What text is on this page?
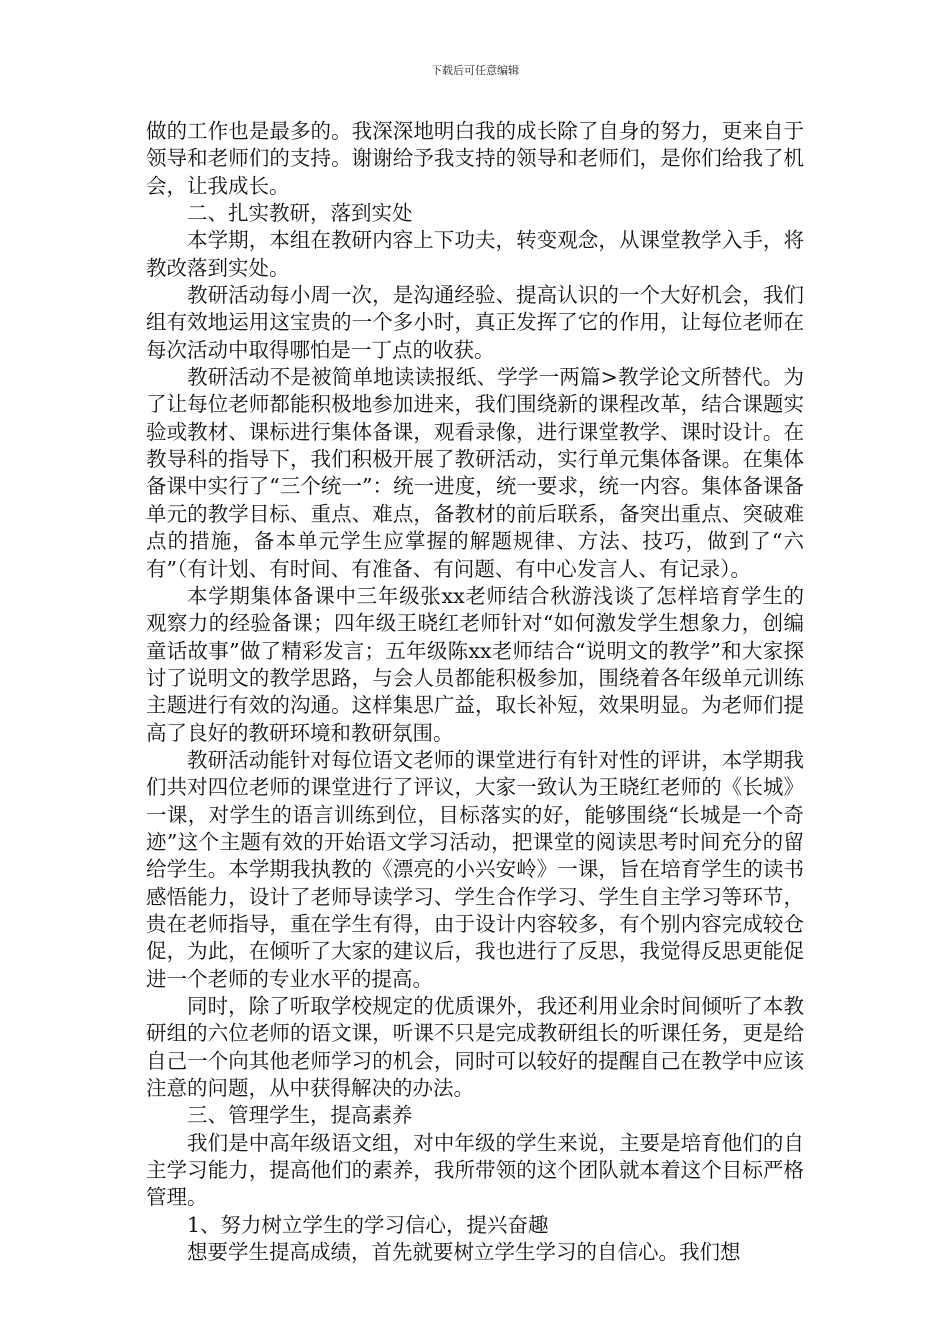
下载后可任意编辑

做的工作也是最多的。我深深地明白我的成长除了自身的努力，更来自于领导和老师们的支持。谢谢给予我支持的领导和老师们，是你们给我了机会，让我成长。

二、扎实教研，落到实处

本学期，本组在教研内容上下功夫，转变观念，从课堂教学入手，将教改落到实处。

教研活动每小周一次，是沟通经验、提高认识的一个大好机会，我们组有效地运用这宝贵的一个多小时，真正发挥了它的作用，让每位老师在每次活动中取得哪怕是一丁点的收获。

教研活动不是被简单地读读报纸、学学一两篇>教学论文所替代。为了让每位老师都能积极地参加进来，我们围绕新的课程改革，结合课题实验或教材、课标进行集体备课，观看录像，进行课堂教学、课时设计。在教导科的指导下，我们积极开展了教研活动，实行单元集体备课。在集体备课中实行了“三个统一”：统一进度，统一要求，统一内容。集体备课备单元的教学目标、重点、难点，备教材的前后联系，备突出重点、突破难点的措施，备本单元学生应掌握的解题规律、方法、技巧，做到了“六有”（有计划、有时间、有准备、有问题、有中心发言人、有记录）。

本学期集体备课中三年级张xx老师结合秋游浅谈了怎样培育学生的观察力的经验备课；四年级王晓红老师针对“如何激发学生想象力，创编童话故事”做了精彩发言；五年级陈xx老师结合“说明文的教学”和大家探讨了说明文的教学思路，与会人员都能积极参加，围绕着各年级单元训练主题进行有效的沟通。这样集思广益，取长补短，效果明显。为老师们提高了良好的教研环境和教研氛围。

教研活动能针对每位语文老师的课堂进行有针对性的评讲，本学期我们共对四位老师的课堂进行了评议，大家一致认为王晓红老师的《长城》一课，对学生的语言训练到位，目标落实的好，能够围绕“长城是一个奇迹”这个主题有效的开始语文学习活动，把课堂的阅读思考时间充分的留给学生。本学期我执教的《漂亮的小兴安岭》一课，旨在培育学生的读书感悟能力，设计了老师导读学习、学生合作学习、学生自主学习等环节，贵在老师指导，重在学生有得，由于设计内容较多，有个别内容完成较仓促，为此，在倾听了大家的建议后，我也进行了反思，我觉得反思更能促进一个老师的专业水平的提高。

同时，除了听取学校规定的优质课外，我还利用业余时间倾听了本教研组的六位老师的语文课，听课不只是完成教研组长的听课任务，更是给自己一个向其他老师学习的机会，同时可以较好的提醒自己在教学中应该注意的问题，从中获得解决的办法。

三、管理学生，提高素养

我们是中高年级语文组，对中年级的学生来说，主要是培育他们的自主学习能力，提高他们的素养，我所带领的这个团队就本着这个目标严格管理。

1、努力树立学生的学习信心，提兴奋趣

想要学生提高成绩，首先就要树立学生学习的自信心。我们想
